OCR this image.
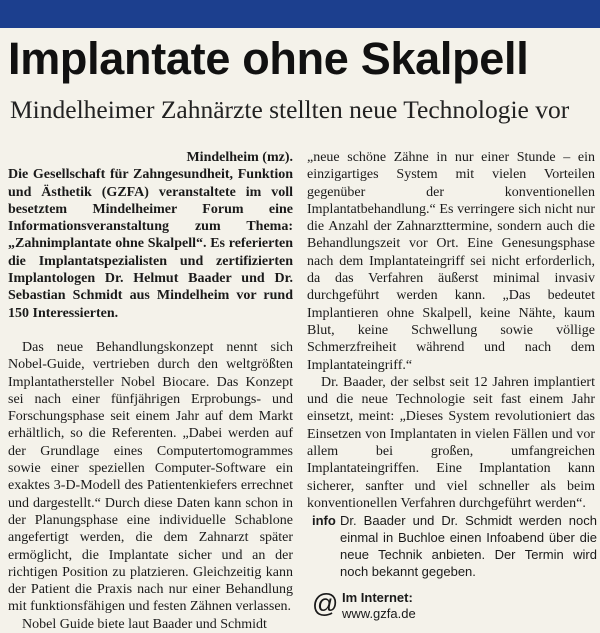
Implantate ohne Skalpell
Mindelheimer Zahnärzte stellten neue Technologie vor

Mindelheim (mz).

Die Gesellschaft für Zahngesundheit, Funktion und Ästhetik (GZFA) veranstaltete im voll besetztem Mindelheimer Forum eine Informationsveranstaltung zum Thema: „Zahnimplantate ohne Skalpell“. Es referierten die Implantatspezialisten und zertifizierten Implantologen Dr. Helmut Baader und Dr. Sebastian Schmidt aus Mindelheim vor rund 150 Interessierten.

Das neue Behandlungskonzept nennt sich Nobel-Guide, vertrieben durch den weltgrößten Implantathersteller Nobel Biocare. Das Konzept sei nach einer fünfjährigen Erprobungs- und Forschungsphase seit einem Jahr auf dem Markt erhältlich, so die Referenten. „Dabei werden auf der Grundlage eines Computertomogrammes sowie einer speziellen Computer-Software ein exaktes 3-D-Modell des Patientenkiefers errechnet und dargestellt.“ Durch diese Daten kann schon in der Planungsphase eine individuelle Schablone angefertigt werden, die dem Zahnarzt später ermöglicht, die Implantate sicher und an der richtigen Position zu platzieren. Gleichzeitig kann der Patient die Praxis nach nur einer Behandlung mit funktionsfähigen und festen Zähnen verlassen.

Nobel Guide biete laut Baader und Schmidt

„neue schöne Zähne in nur einer Stunde – ein einzigartiges System mit vielen Vorteilen gegenüber der konventionellen Implantatbehandlung.“ Es verringere sich nicht nur die Anzahl der Zahnarzttermine, sondern auch die Behandlungszeit vor Ort. Eine Genesungsphase nach dem Implantateingriff sei nicht erforderlich, da das Verfahren äußerst minimal invasiv durchgeführt werden kann. „Das bedeutet Implantieren ohne Skalpell, keine Nähte, kaum Blut, keine Schwellung sowie völlige Schmerzfreiheit während und nach dem Implantateingriff.“

Dr. Baader, der selbst seit 12 Jahren implantiert und die neue Technologie seit fast einem Jahr einsetzt, meint: „Dieses System revolutioniert das Einsetzen von Implantaten in vielen Fällen und vor allem bei großen, umfangreichen Implantateingriffen. Eine Implantation kann sicherer, sanfter und viel schneller als beim konventionellen Verfahren durchgeführt werden“.

info Dr. Baader und Dr. Schmidt werden noch einmal in Buchloe einen Infoabend über die neue Technik anbieten. Der Termin wird noch bekannt gegeben.

@ Im Internet:
www.gzfa.de
